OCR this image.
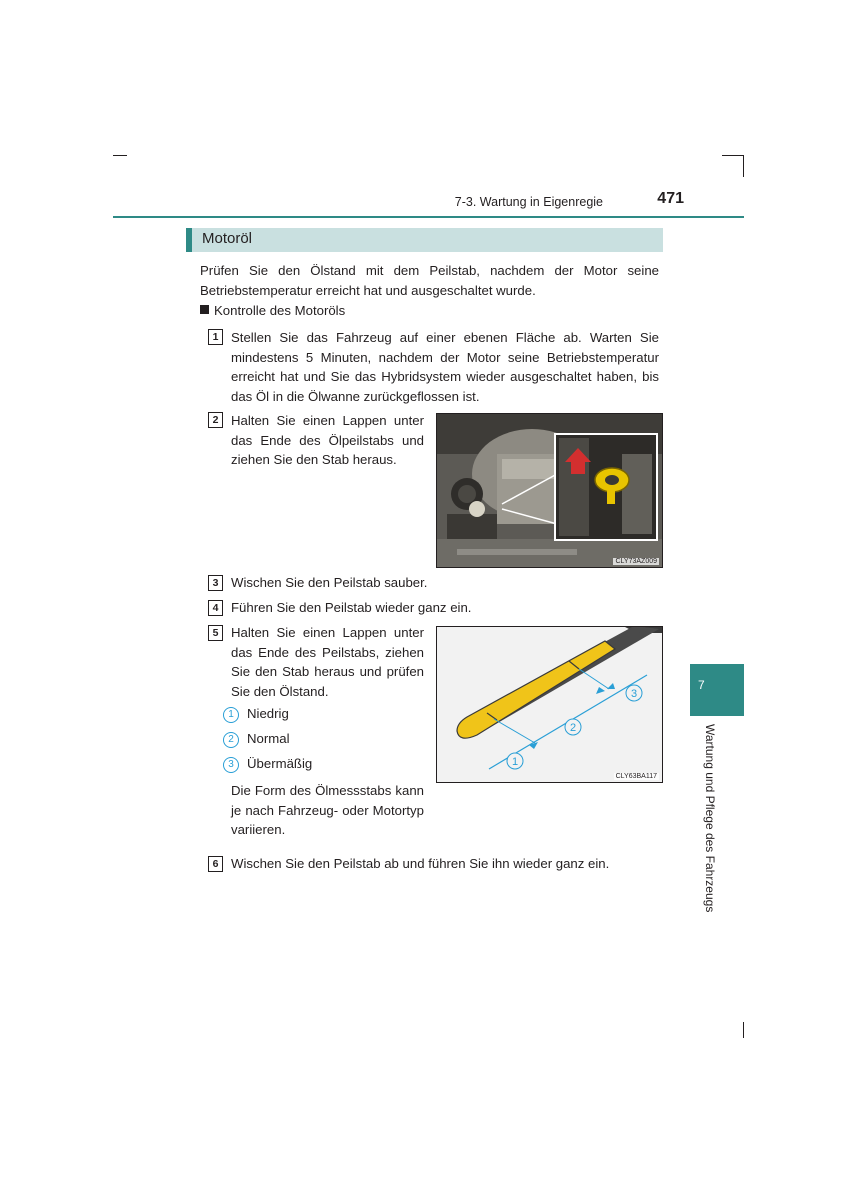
7-3. Wartung in Eigenregie	471
Motoröl
Prüfen Sie den Ölstand mit dem Peilstab, nachdem der Motor seine Betriebstemperatur erreicht hat und ausgeschaltet wurde.
Kontrolle des Motoröls
1 Stellen Sie das Fahrzeug auf einer ebenen Fläche ab. Warten Sie mindestens 5 Minuten, nachdem der Motor seine Betriebstemperatur erreicht hat und Sie das Hybridsystem wieder ausgeschaltet haben, bis das Öl in die Ölwanne zurückgeflossen ist.
2 Halten Sie einen Lappen unter das Ende des Ölpeilstabs und ziehen Sie den Stab heraus.
CLY73AZ009
3 Wischen Sie den Peilstab sauber.
4 Führen Sie den Peilstab wieder ganz ein.
5 Halten Sie einen Lappen unter das Ende des Peilstabs, ziehen Sie den Stab heraus und prüfen Sie den Ölstand.
1	Niedrig
2	Normal
3	Übermäßig
Die Form des Ölmessstabs kann je nach Fahrzeug- oder Motortyp variieren.
1
2
3
CLY63BA117
6 Wischen Sie den Peilstab ab und führen Sie ihn wieder ganz ein.
7
Wartung und Pflege des Fahrzeugs
